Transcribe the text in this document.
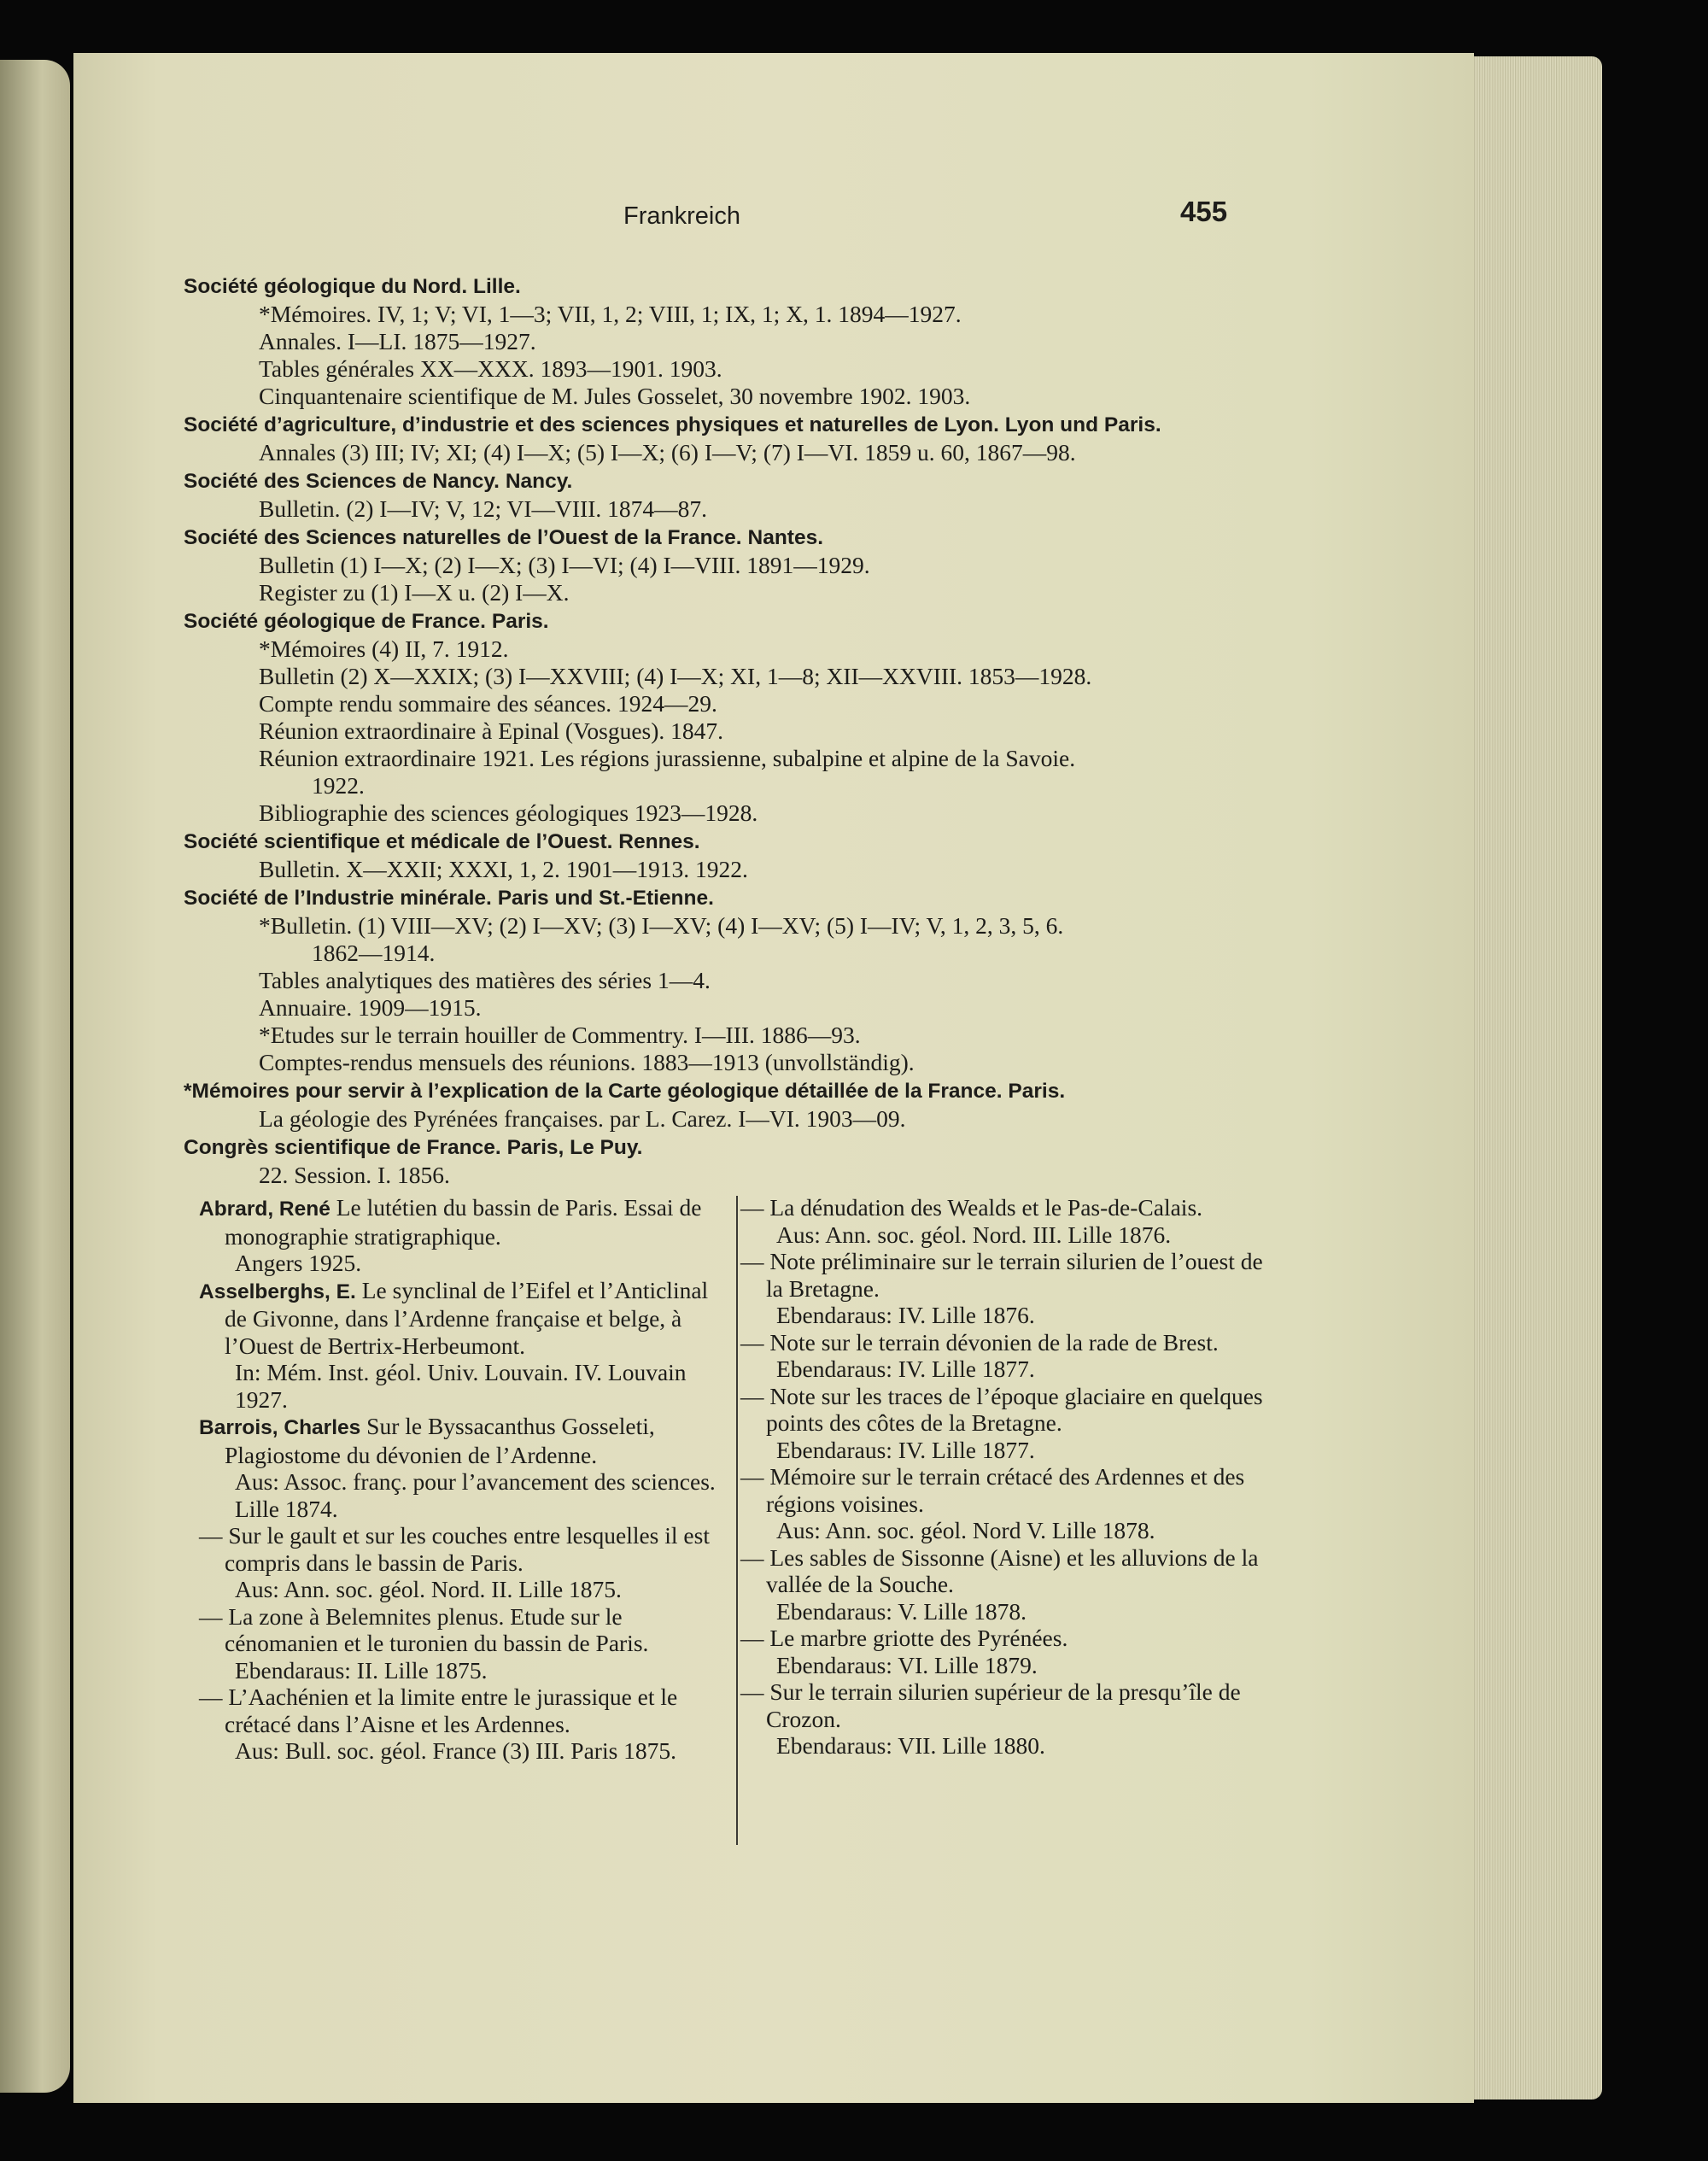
Frankreich	455
Société géologique du Nord. Lille.
*Mémoires. IV, 1; V; VI, 1—3; VII, 1, 2; VIII, 1; IX, 1; X, 1. 1894—1927.
Annales. I—LI. 1875—1927.
Tables générales XX—XXX. 1893—1901. 1903.
Cinquantenaire scientifique de M. Jules Gosselet, 30 novembre 1902. 1903.
Société d’agriculture, d’industrie et des sciences physiques et naturelles de Lyon. Lyon und Paris.
Annales (3) III; IV; XI; (4) I—X; (5) I—X; (6) I—V; (7) I—VI. 1859 u. 60, 1867—98.
Société des Sciences de Nancy. Nancy.
Bulletin. (2) I—IV; V, 12; VI—VIII. 1874—87.
Société des Sciences naturelles de l’Ouest de la France. Nantes.
Bulletin (1) I—X; (2) I—X; (3) I—VI; (4) I—VIII. 1891—1929.
Register zu (1) I—X u. (2) I—X.
Société géologique de France. Paris.
*Mémoires (4) II, 7. 1912.
Bulletin (2) X—XXIX; (3) I—XXVIII; (4) I—X; XI, 1—8; XII—XXVIII. 1853—1928.
Compte rendu sommaire des séances. 1924—29.
Réunion extraordinaire à Epinal (Vosgues). 1847.
Réunion extraordinaire 1921. Les régions jurassienne, subalpine et alpine de la Savoie.
1922.
Bibliographie des sciences géologiques 1923—1928.
Société scientifique et médicale de l’Ouest. Rennes.
Bulletin. X—XXII; XXXI, 1, 2. 1901—1913. 1922.
Société de l’Industrie minérale. Paris und St.-Etienne.
*Bulletin. (1) VIII—XV; (2) I—XV; (3) I—XV; (4) I—XV; (5) I—IV; V, 1, 2, 3, 5, 6.
1862—1914.
Tables analytiques des matières des séries 1—4.
Annuaire. 1909—1915.
*Etudes sur le terrain houiller de Commentry. I—III. 1886—93.
Comptes-rendus mensuels des réunions. 1883—1913 (unvollständig).
*Mémoires pour servir à l’explication de la Carte géologique détaillée de la France. Paris.
La géologie des Pyrénées françaises. par L. Carez. I—VI. 1903—09.
Congrès scientifique de France. Paris, Le Puy.
22. Session. I. 1856.
Abrard, René Le lutétien du bassin de Paris. Essai de monographie stratigraphique.
Angers 1925.
Asselberghs, E. Le synclinal de l’Eifel et l’Anticlinal de Givonne, dans l’Ardenne française et belge, à l’Ouest de Bertrix-Herbeumont.
In: Mém. Inst. géol. Univ. Louvain. IV. Louvain 1927.
Barrois, Charles Sur le Byssacanthus Gosseleti, Plagiostome du dévonien de l’Ardenne.
Aus: Assoc. franç. pour l’avancement des sciences. Lille 1874.
— Sur le gault et sur les couches entre lesquelles il est compris dans le bassin de Paris.
Aus: Ann. soc. géol. Nord. II. Lille 1875.
— La zone à Belemnites plenus. Etude sur le cénomanien et le turonien du bassin de Paris.
Ebendaraus: II. Lille 1875.
— L’Aachénien et la limite entre le jurassique et le crétacé dans l’Aisne et les Ardennes.
Aus: Bull. soc. géol. France (3) III. Paris 1875.
— La dénudation des Wealds et le Pas-de-Calais.
Aus: Ann. soc. géol. Nord. III. Lille 1876.
— Note préliminaire sur le terrain silurien de l’ouest de la Bretagne.
Ebendaraus: IV. Lille 1876.
— Note sur le terrain dévonien de la rade de Brest.
Ebendaraus: IV. Lille 1877.
— Note sur les traces de l’époque glaciaire en quelques points des côtes de la Bretagne.
Ebendaraus: IV. Lille 1877.
— Mémoire sur le terrain crétacé des Ardennes et des régions voisines.
Aus: Ann. soc. géol. Nord V. Lille 1878.
— Les sables de Sissonne (Aisne) et les alluvions de la vallée de la Souche.
Ebendaraus: V. Lille 1878.
— Le marbre griotte des Pyrénées.
Ebendaraus: VI. Lille 1879.
— Sur le terrain silurien supérieur de la presqu’île de Crozon.
Ebendaraus: VII. Lille 1880.
